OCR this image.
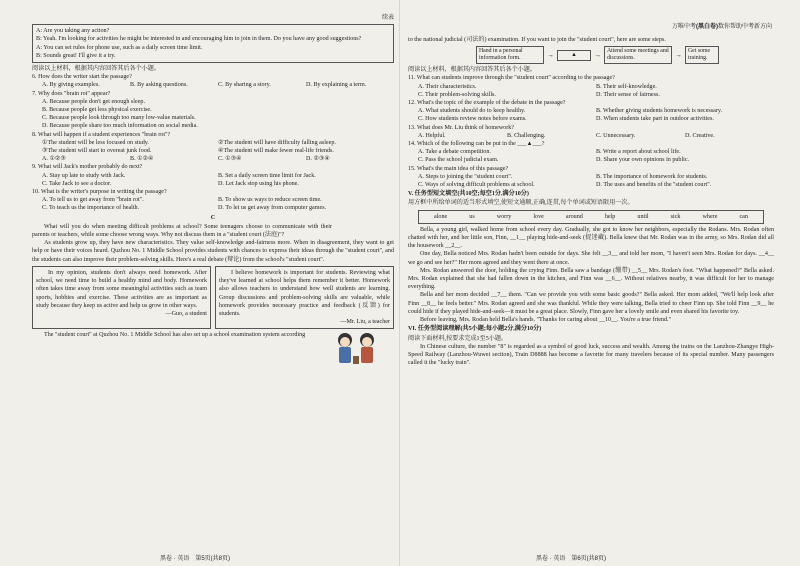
万唯中考(黑白卷)数你帮助中考新方向
续表
A: Are you taking any action?
B: Yeah. I'm looking for activities he might be interested in and encouraging him to join in them. Do you have any good suggestions?
A: You can set rules for phone use, such as a daily screen time limit.
B: Sounds great! I'll give it a try.
阅读以上材料，根据其内容回答其后各个小题。
6. How does the writer start the passage?
A. By giving examples.	B. By asking questions.	C. By sharing a story.	D. By explaining a term.
7. Why does "brain rot" appear?
A. Because people don't get enough sleep.
B. Because people get less physical exercise.
C. Because people look through too many low-value materials.
D. Because people share too much information on social media.
8. What will happen if a student experiences "brain rot"?
①The student will be less focused on study.	②The student will have difficulty falling asleep.
③The student will start to overeat junk food.	④The student will make fewer real-life friends.
A. ①②③	B. ①②④	C. ①③④	D. ②③④
9. What will Jack's mother probably do next?
A. Stay up late to study with Jack.	B. Set a daily screen time limit for Jack.
C. Take Jack to see a doctor.	D. Let Jack stop using his phone.
10. What is the writer's purpose in writing the passage?
A. To tell us to get away from "brain rot".	B. To show us ways to reduce screen time.
C. To teach us the importance of health.	D. To let us get away from computer games.
C

What will you do when meeting difficult problems at school? Some teenagers choose to communicate with their parents or teachers, while some choose wrong ways. Why not discuss them in a "student court (法庭)"?

As students grow up, they have new characteristics. They value self-knowledge and-fairness more. When in disagreement, they want to get help or have their voices heard. Quzhou No. 1 Middle School provides students with chances to express their ideas through the "student court", and the students can also improve their problem-solving skills. Here's a real debate (辩论) from the school's "student court".

In my opinion, students don't always need homework. After school, we need time to build a healthy mind and body. Homework often takes time away from some meaningful activities such as team sports, hobbies and exercise. These activities are as important as study because they keep us active and help us grow in other ways.

—Guo, a student

I believe homework is important for students. Reviewing what they've learned at school helps them remember it better. Homework also allows teachers to understand how well students are learning. Group discussions and problem-solving skills are valuable, while homework provides necessary practice and feedback (反馈) for students.

—Mr. Liu, a teacher

The "student court" at Quzhou No. 1 Middle School has also set up a school examination system according

to the national judicial (司法的) examination. If you want to join the "student court", here are some steps.
Hand in a personal information form.	→	▲	→	Attend some meetings and discussions.	→	Get some training.
阅读以上材料，根据其内容回答其后各个小题。
11. What can students improve through the "student court" according to the passage?
A. Their characteristics.	B. Their self-knowledge.
C. Their problem-solving skills.	D. Their sense of fairness.
12. What's the topic of the example of the debate in the passage?
A. What students should do to keep healthy.	B. Whether giving students homework is necessary.
C. How students review notes before exams.	D. When students take part in outdoor activities.
13. What does Mr. Liu think of homework?
A. Helpful.	B. Challenging.	C. Unnecessary.	D. Creative.
14. Which of the following can be put in the ___▲___?
A. Take a debate competition.	B. Write a report about school life.
C. Pass the school judicial exam.	D. Share your own opinions in public.
15. What's the main idea of this passage?
A. Steps to joining the "student court".	B. The importance of homework for students.
C. Ways of solving difficult problems at school.	D. The uses and benefits of the "student court".
V. 任务型短文填空(共10空;每空1分,满分10分)
用方框中所给单词的适当形式填空,使短文通顺,正确,连贯,每个单词或短语限用一次。
alone	us	worry	love	around	help	until	sick	where	can

Bella, a young girl, walked home from school every day. Gradually, she got to know her neighbors, especially the Rodans. Mrs. Rodan often chatted with her, and her little son, Finn, __1__ playing hide-and-seek (捉迷藏). Bella knew that Mr. Rodan was in the army, so Mrs. Rodan did all the housework __2__.

One day, Bella noticed Mrs. Rodan hadn't been outside for days. She felt __3__ and told her mom, "I haven't seen Mrs. Rodan for days. __4__ we go and see her?" Her mom agreed and they went there at once.

Mrs. Rodan answered the door, holding the crying Finn. Bella saw a bandage (绷带) __5__ Mrs. Rodan's foot. "What happened?" Bella asked. Mrs. Rodan explained that she had fallen down in the kitchen, and Finn was __6__. Without relatives nearby, it was difficult for her to manage everything.

Bella and her mom decided __7__ them. "Can we provide you with some basic goods?" Bella asked. Her mom added, "We'll help look after Finn __8__ he feels better." Mrs. Rodan agreed and she was thankful. While they were talking, Bella tried to cheer Finn up. She told Finn __9__ he could hide if they played hide-and-seek—it must be a great place. Slowly, Finn gave her a lovely smile and even shared his favorite toy.

Before leaving, Mrs. Rodan held Bella's hands. "Thanks for caring about __10__. You're a true friend."

VI. 任务型阅读理解(共5小题;每小题2分,满分10分)
阅读下面材料,按要求完成1至5小题。

In Chinese culture, the number "8" is regarded as a symbol of good luck, success and wealth. Among the trains on the Lanzhou-Zhangye High-Speed Railway (Lanzhou-Wuwei section), Train D8888 has become a favorite for many travelers because of its special number. Many passengers called it the "lucky train".

黑卷 · 英语　第5页(共8页)	黑卷 · 英语　第6页(共8页)
